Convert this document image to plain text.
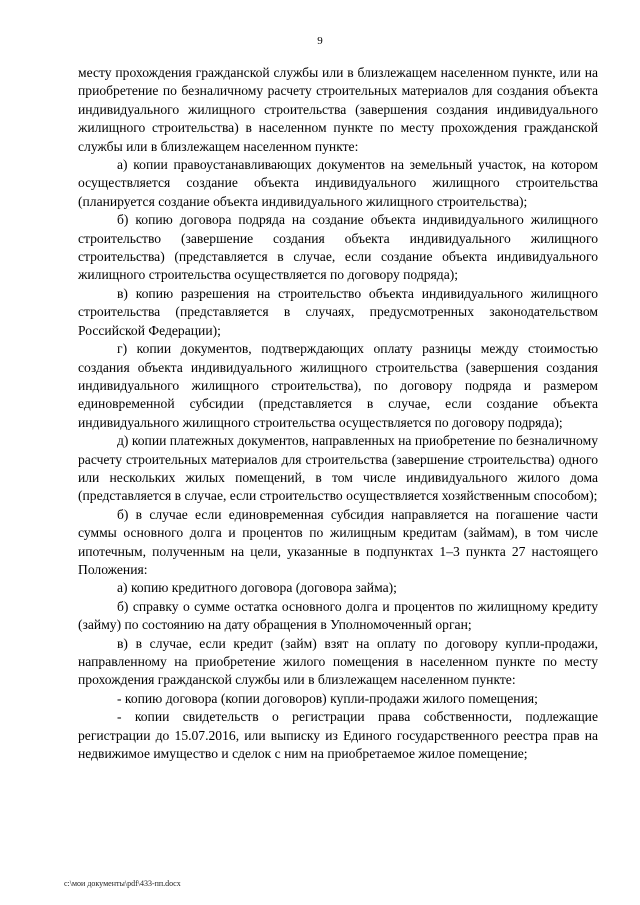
9

месту прохождения гражданской службы или в близлежащем населенном пункте, или на приобретение по безналичному расчету строительных материалов для создания объекта индивидуального жилищного строительства (завершения создания индивидуального жилищного строительства) в населенном пункте по месту прохождения гражданской службы или в близлежащем населенном пункте:

а) копии правоустанавливающих документов на земельный участок, на котором осуществляется создание объекта индивидуального жилищного строительства (планируется создание объекта индивидуального жилищного строительства);

б) копию договора подряда на создание объекта индивидуального жилищного строительство (завершение создания объекта индивидуального жилищного строительства) (представляется в случае, если создание объекта индивидуального жилищного строительства осуществляется по договору подряда);

в) копию разрешения на строительство объекта индивидуального жилищного строительства (представляется в случаях, предусмотренных законодательством Российской Федерации);

г) копии документов, подтверждающих оплату разницы между стоимостью создания объекта индивидуального жилищного строительства (завершения создания индивидуального жилищного строительства), по договору подряда и размером единовременной субсидии (представляется в случае, если создание объекта индивидуального жилищного строительства осуществляется по договору подряда);

д) копии платежных документов, направленных на приобретение по безналичному расчету строительных материалов для строительства (завершение строительства) одного или нескольких жилых помещений, в том числе индивидуального жилого дома (представляется в случае, если строительство осуществляется хозяйственным способом);

б) в случае если единовременная субсидия направляется на погашение части суммы основного долга и процентов по жилищным кредитам (займам), в том числе ипотечным, полученным на цели, указанные в подпунктах 1–3 пункта 27 настоящего Положения:

а) копию кредитного договора (договора займа);

б) справку о сумме остатка основного долга и процентов по жилищному кредиту (займу) по состоянию на дату обращения в Уполномоченный орган;

в) в случае, если кредит (займ) взят на оплату по договору купли-продажи, направленному на приобретение жилого помещения в населенном пункте по месту прохождения гражданской службы или в близлежащем населенном пункте:

- копию договора (копии договоров) купли-продажи жилого помещения;

- копии свидетельств о регистрации права собственности, подлежащие регистрации до 15.07.2016, или выписку из Единого государственного реестра прав на недвижимое имущество и сделок с ним на приобретаемое жилое помещение;

c:\мои документы\pdf\433-пп.docx
